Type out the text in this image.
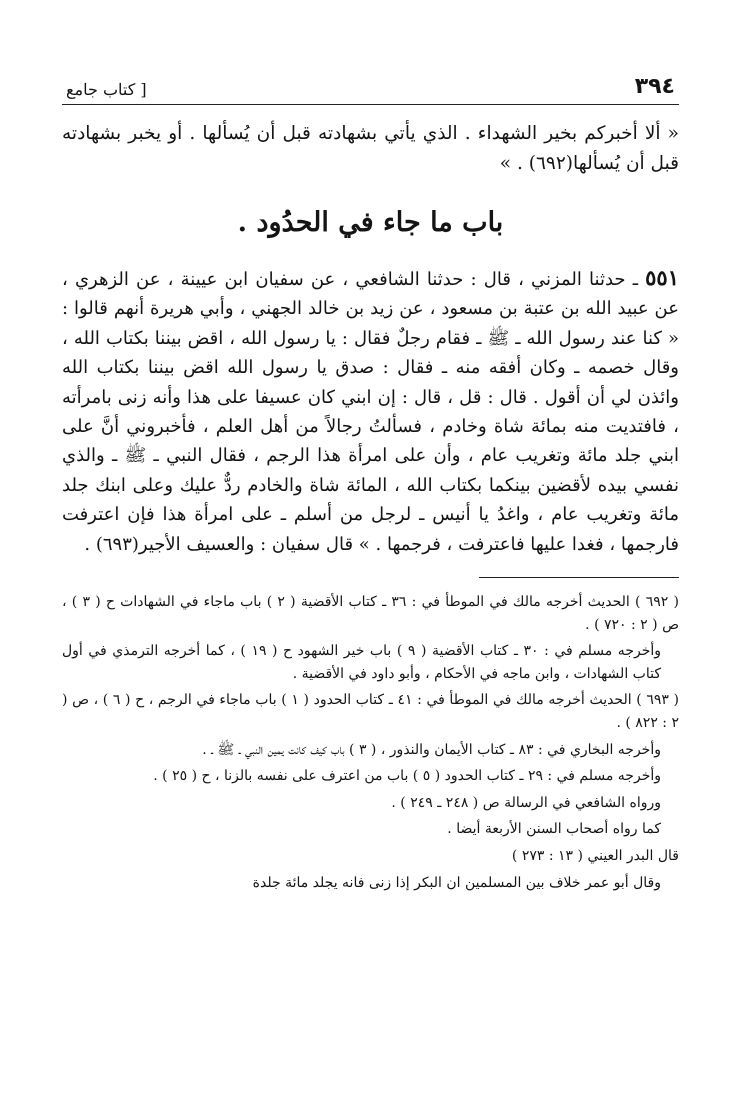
٣٩٤
[ كتاب جامع

« ألا أخبركم بخير الشهداء . الذي يأتي بشهادته قبل أن يُسألها . أو يخبر بشهادته قبل أن يُسألها(٦٩٢) . »

باب ما جاء في الحدُود .

٥٥١ ـ حدثنا المزني ، قال : حدثنا الشافعي ، عن سفيان ابن عيينة ، عن الزهري ، عن عبيد الله بن عتبة بن مسعود ، عن زيد بن خالد الجهني ، وأبي هريرة أنهم قالوا : « كنا عند رسول الله ـ ﷺ ـ فقام رجلٌ فقال : يا رسول الله ، اقض بيننا بكتاب الله ، وقال خصمه ـ وكان أفقه منه ـ فقال : صدق يا رسول الله اقض بيننا بكتاب الله وائذن لي أن أقول . قال : قل ، قال : إن ابني كان عسيفا على هذا وأنه زنى بامرأته ، فافتديت منه بمائة شاة وخادم ، فسألتُ رجالاً من أهل العلم ، فأخبروني أنَّ على ابني جلد مائة وتغريب عام ، وأن على امرأة هذا الرجم ، فقال النبي ـ ﷺ ـ والذي نفسي بيده لأقضين بينكما بكتاب الله ، المائة شاة والخادم ردٌّ عليك وعلى ابنك جلد مائة وتغريب عام ، واغدُ يا أنيس ـ لرجل من أسلم ـ على امرأة هذا فإن اعترفت فارجمها ، فغدا عليها فاعترفت ، فرجمها . » قال سفيان : والعسيف الأجير(٦٩٣) .

( ٦٩٢ ) الحديث أخرجه مالك في الموطأ في : ٣٦ ـ كتاب الأقضية ( ٢ ) باب ماجاء في الشهادات ح ( ٣ ) ، ص ( ٢ : ٧٢٠ ) .

وأخرجه مسلم في : ٣٠ ـ كتاب الأقضية ( ٩ ) باب خير الشهود ح ( ١٩ ) ، كما أخرجه الترمذي في أول كتاب الشهادات ، وابن ماجه في الأحكام ، وأبو داود في الأقضية .

( ٦٩٣ ) الحديث أخرجه مالك في الموطأ في : ٤١ ـ كتاب الحدود ( ١ ) باب ماجاء في الرجم ، ح ( ٦ ) ، ص ( ٢ : ٨٢٢ ) .

وأخرجه البخاري في : ٨٣ ـ كتاب الأيمان والنذور ، ( ٣ ) باب كيف كانت يمين النبي ـ ﷺ ـ .

وأخرجه مسلم في : ٢٩ ـ كتاب الحدود ( ٥ ) باب من اعترف على نفسه بالزنا ، ح ( ٢٥ ) .

ورواه الشافعي في الرسالة ص ( ٢٤٨ ـ ٢٤٩ ) .

كما رواه أصحاب السنن الأربعة أيضا .

قال البدر العيني ( ١٣ : ٢٧٣ )

وقال أبو عمر خلاف بين المسلمين ان البكر إذا زنى فانه يجلد مائة جلدة
